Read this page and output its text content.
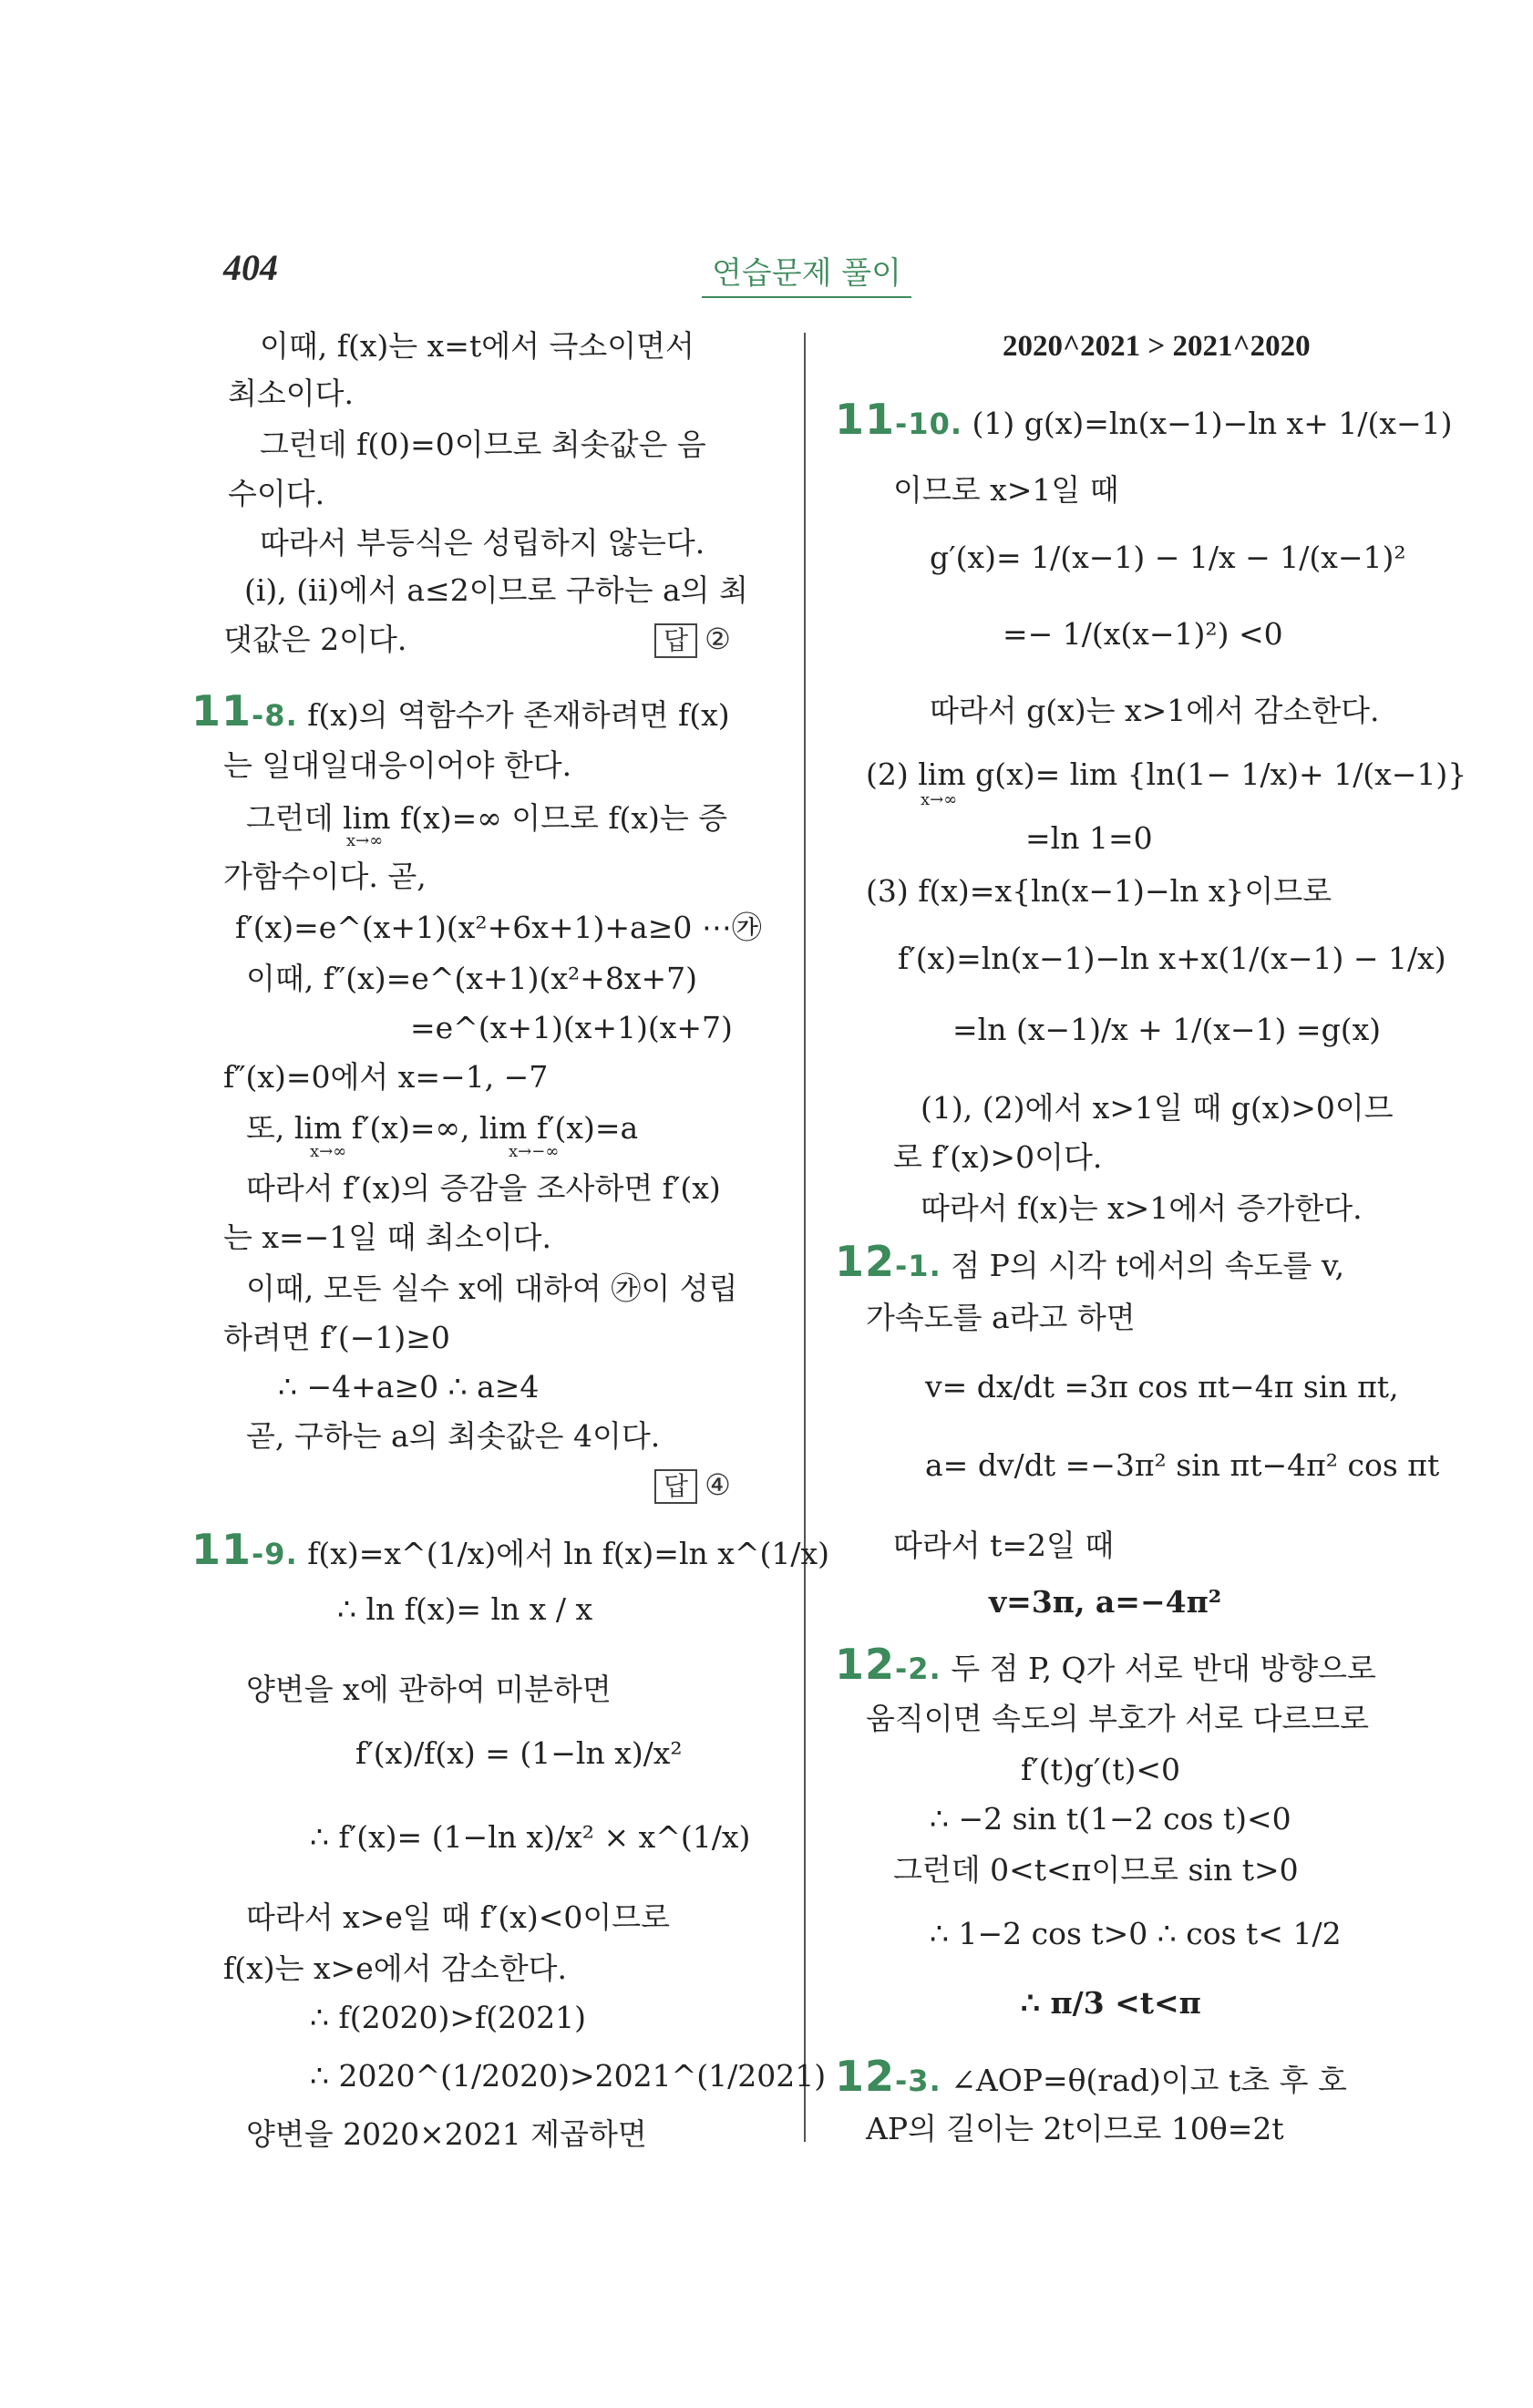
404	연습문제 풀이
이때, f(x)는 x=t에서 극소이면서
최소이다.
그런데 f(0)=0이므로 최솟값은 음
수이다.
따라서 부등식은 성립하지 않는다.
(i), (ii)에서 a≤2이므로 구하는 a의 최
댓값은 2이다.	답 ②
11-8. f(x)의 역함수가 존재하려면 f(x)
는 일대일대응이어야 한다.
그런데 lim f(x)=∞ 이므로 f(x)는 증
x→∞
가함수이다. 곧,
f′(x)=e^(x+1)(x²+6x+1)+a≥0 ⋯㉮
이때, f″(x)=e^(x+1)(x²+8x+7)
=e^(x+1)(x+1)(x+7)
f″(x)=0에서 x=−1, −7
또, lim f′(x)=∞, lim f′(x)=a
x→∞	x→−∞
따라서 f′(x)의 증감을 조사하면 f′(x)
는 x=−1일 때 최소이다.
이때, 모든 실수 x에 대하여 ㉮이 성립
하려면 f′(−1)≥0
∴ −4+a≥0 ∴ a≥4
곧, 구하는 a의 최솟값은 4이다.
답 ④
11-9. f(x)=x^(1/x)에서 ln f(x)=ln x^(1/x)
∴ ln f(x)= ln x / x
양변을 x에 관하여 미분하면
f′(x)/f(x) = (1−ln x)/x²
∴ f′(x)= (1−ln x)/x² × x^(1/x)
따라서 x>e일 때 f′(x)<0이므로
f(x)는 x>e에서 감소한다.
∴ f(2020)>f(2021)
∴ 2020^(1/2020)>2021^(1/2021)
양변을 2020×2021 제곱하면
2020^2021 > 2021^2020
11-10. (1) g(x)=ln(x−1)−ln x+ 1/(x−1)
이므로 x>1일 때
g′(x)= 1/(x−1) − 1/x − 1/(x−1)²
=− 1/(x(x−1)²) <0
따라서 g(x)는 x>1에서 감소한다.
(2) lim g(x)= lim {ln(1− 1/x)+ 1/(x−1)}
x→∞
=ln 1=0
(3) f(x)=x{ln(x−1)−ln x}이므로
f′(x)=ln(x−1)−ln x+x(1/(x−1) − 1/x)
=ln (x−1)/x + 1/(x−1) =g(x)
(1), (2)에서 x>1일 때 g(x)>0이므
로 f′(x)>0이다.
따라서 f(x)는 x>1에서 증가한다.
12-1. 점 P의 시각 t에서의 속도를 v,
가속도를 a라고 하면
v= dx/dt =3π cos πt−4π sin πt,
a= dv/dt =−3π² sin πt−4π² cos πt
따라서 t=2일 때
v=3π, a=−4π²
12-2. 두 점 P, Q가 서로 반대 방향으로
움직이면 속도의 부호가 서로 다르므로
f′(t)g′(t)<0
∴ −2 sin t(1−2 cos t)<0
그런데 0<t<π이므로 sin t>0
∴ 1−2 cos t>0 ∴ cos t< 1/2
∴ π/3 <t<π
12-3. ∠AOP=θ(rad)이고 t초 후 호
AP의 길이는 2t이므로 10θ=2t
